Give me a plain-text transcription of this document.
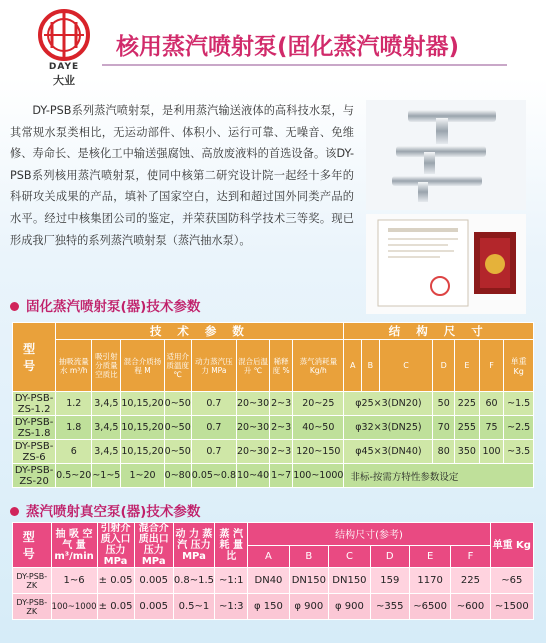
DAYE
大业
核用蒸汽喷射泵(固化蒸汽喷射器)

DY-PSB系列蒸汽喷射泵，是利用蒸汽输送液体的高科技水泵，与其常规水泵类相比，无运动部件、体积小、运行可靠、无噪音、免维修、寿命长、是核化工中输送强腐蚀、高放废液料的首选设备。该DY-PSB系列核用蒸汽喷射泵，使同中核第二研究设计院一起经十多年的科研攻关成果的产品，填补了国家空白，达到和超过国外同类产品的水平。经过中核集团公司的鉴定，并荣获国防科学技术三等奖。现已形成我厂独特的系列蒸汽喷射泵（蒸汽抽水泵）。

固化蒸汽喷射泵(器)技术参数
型 号	技 术 参 数								结 构 尺 寸						
	抽吸流量水 m³/h	吸引射分质量空质比	混合介质扬程 M	适用介质温度 ℃	动力蒸汽压力 MPa	混合后温升 ℃	稀释度 %	蒸气消耗量 Kg/h	A	B	C	D	E	F	单重 Kg
DY-PSB-ZS-1.2	1.2	3,4,5	10,15,20	0~50	0.7	20~30	2~3	20~25	φ25×3(DN20)			50	225	60	~1.5
DY-PSB-ZS-1.8	1.8	3,4,5	10,15,20	0~50	0.7	20~30	2~3	40~50	φ32×3(DN25)			70	255	75	~2.5
DY-PSB-ZS-6	6	3,4,5	10,15,20	0~50	0.7	20~30	2~3	120~150	φ45×3(DN40)			80	350	100	~3.5
DY-PSB-ZS-20	0.5~20	~1~5	1~20	0~80	0.05~0.8	10~40	1~7	100~1000	非标-按需方特性参数设定						
蒸汽喷射真空泵(器)技术参数
型 号	抽 吸 空 气 量 m³/min	引射介质入口压力 MPa	混合介质出口压力 MPa	动 力 蒸 汽 压力 MPa	蒸 汽 耗 量 比	结构尺寸(参考)						单重 Kg
						A	B	C	D	E	F	
DY-PSB-ZK	1~6	± 0.05	0.005	0.8~1.5	~1:1	DN40	DN150	DN150	159	1170	225	~65
DY-PSB-ZK	100~1000	± 0.05	0.005	0.5~1	~1:3	φ 150	φ 900	φ 900	~355	~6500	~600	~1500
